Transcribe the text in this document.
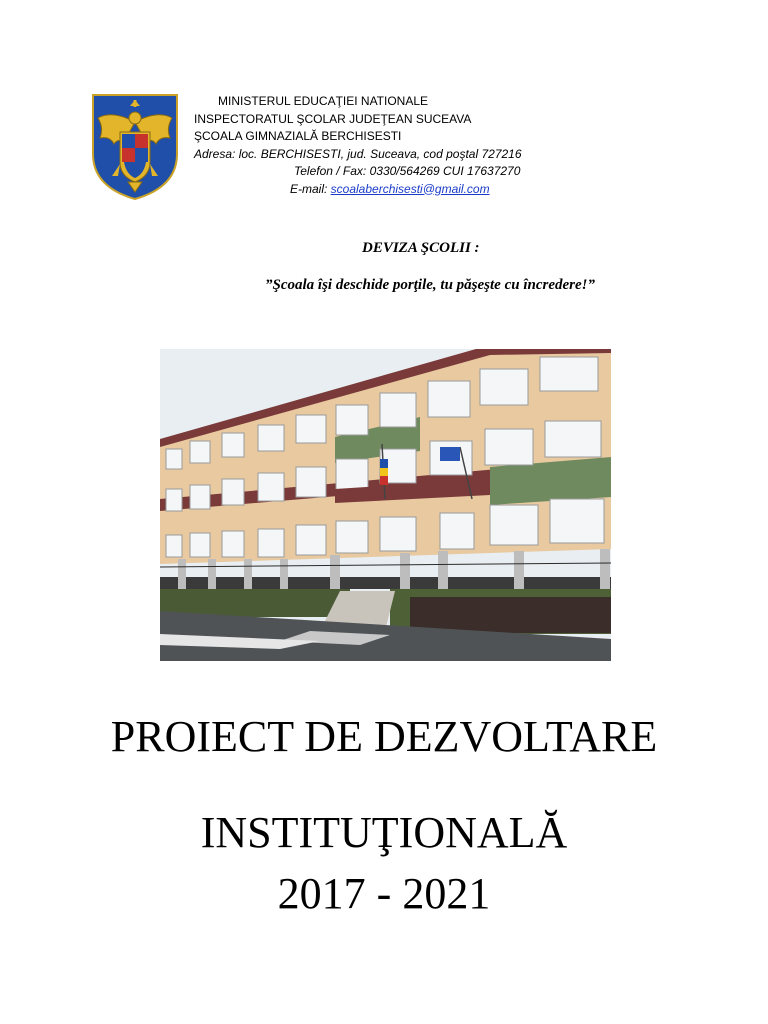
MINISTERUL EDUCAŢIEI NATIONALE
INSPECTORATUL ŞCOLAR JUDEŢEAN SUCEAVA
ŞCOALA GIMNAZIALĂ BERCHISESTI
Adresa: loc. BERCHISESTI, jud. Suceava, cod poştal 727216
Telefon / Fax: 0330/564269 CUI 17637270
E-mail: scoalaberchisesti@gmail.com
DEVIZA ŞCOLII :
”Şcoala îşi deschide porţile, tu păşeşte cu încredere!”
PROIECT DE DEZVOLTARE
INSTITUŢIONALĂ
2017 - 2021
